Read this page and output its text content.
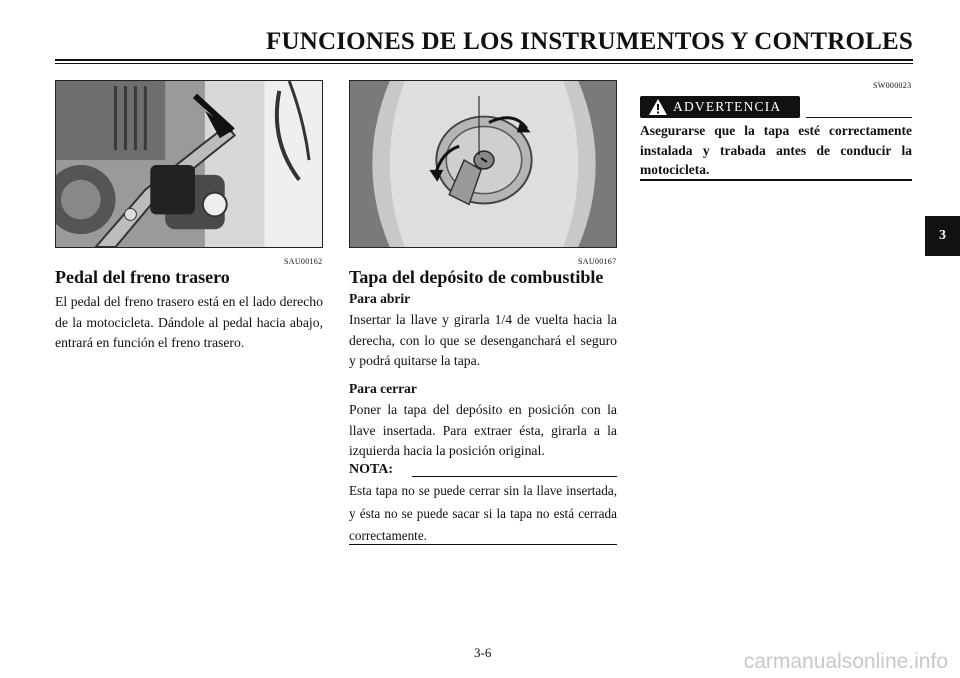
FUNCIONES DE LOS INSTRUMENTOS Y CONTROLES
SAU00162
Pedal del freno trasero
El pedal del freno trasero está en el lado derecho de la motocicleta. Dándole al pedal hacia abajo, entrará en función el freno trasero.
SAU00167
Tapa del depósito de combustible
Para abrir
Insertar la llave y girarla 1/4 de vuelta hacia la derecha, con lo que se desenganchará el seguro y podrá quitarse la tapa.
Para cerrar
Poner la tapa del depósito en posición con la llave insertada. Para extraer ésta, girarla a la izquierda hacia la posición original.
NOTA:
Esta tapa no se puede cerrar sin la llave insertada, y ésta no se puede sacar si la tapa no está cerrada correctamente.
SW000023
ADVERTENCIA
Asegurarse que la tapa esté correctamente instalada y trabada antes de conducir la motocicleta.
3
3-6	carmanualsonline.info
